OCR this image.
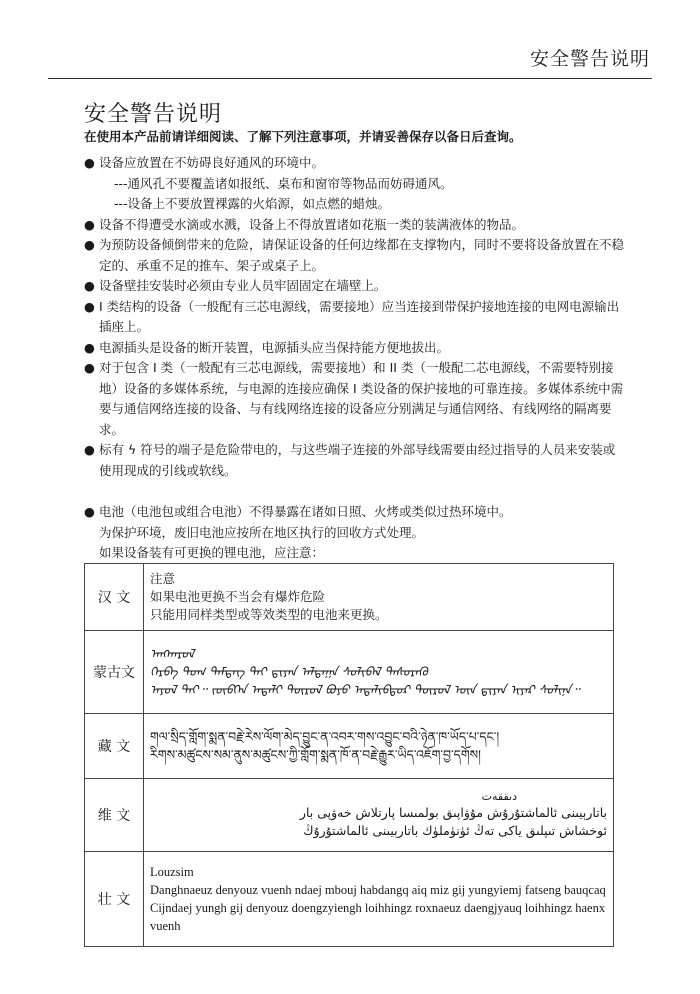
安全警告说明
安全警告说明
在使用本产品前请详细阅读、了解下列注意事项，并请妥善保存以备日后查询。
● 设备应放置在不妨碍良好通风的环境中。
---通风孔不要覆盖诸如报纸、桌布和窗帘等物品而妨碍通风。
---设备上不要放置裸露的火焰源，如点燃的蜡烛。
● 设备不得遭受水滴或水溅，设备上不得放置诸如花瓶一类的装满液体的物品。
● 为预防设备倾倒带来的危险，请保证设备的任何边缘都在支撑物内，同时不要将设备放置在不稳定的、承重不足的推车、架子或桌子上。
● 设备壁挂安装时必须由专业人员牢固固定在墙壁上。
● I 类结构的设备（一般配有三芯电源线，需要接地）应当连接到带保护接地连接的电网电源输出插座上。
● 电源插头是设备的断开装置，电源插头应当保持能方便地拔出。
● 对于包含 I 类（一般配有三芯电源线，需要接地）和 II 类（一般配二芯电源线，不需要特别接地）设备的多媒体系统，与电源的连接应确保 I 类设备的保护接地的可靠连接。多媒体系统中需要与通信网络连接的设备、与有线网络连接的设备应分别满足与通信网络、有线网络的隔离要求。
● 标有 ϟ 符号的端子是危险带电的，与这些端子连接的外部导线需要由经过指导的人员来安装或使用现成的引线或软线。
● 电池（电池包或组合电池）不得暴露在诸如日照、火烤或类似过热环境中。
为保护环境，废旧电池应按所在地区执行的回收方式处理。
如果设备装有可更换的锂电池，应注意：
汉 文	注意
如果电池更换不当会有爆炸危险
只能用同样类型或等效类型的电池来更换。

蒙古文	ᠠᠩᠬᠠᠷᠤᠯ
ᠬᠡᠷᠪᠡ ᠲᠤᠭ ᠲᠡᠮᠳᠡᠭ ᠲᠠᠢ ᠳ᠋ᠢᠶᠠᠨ ᠠᠯᠳᠠᠭᠠ ᠰᠣᠯᠢᠪᠠᠯ ᠲᠡᠰᠦᠷᠡᠬᠦ
ᠠᠶᠤᠯ ᠲᠠᠢ᠃ ᠵᠥᠪᠬᠡᠨ ᠠᠳᠠᠯᠢ ᠲᠦᠷᠦᠯ ᠪᠤᠶᠤ ᠠᠳᠠᠯᠢᠪᠳᠤᠷ ᠲᠦᠷᠦᠯ ᠦᠨ ᠳ᠋ᠢᠶᠠᠨ ᠢᠶᠠᠷ ᠰᠣᠯᠢᠨᠠ᠃

藏 文	གལ་སྲིད་གློག་སྨན་བརྗེ་རེས་ལོག་མེད་བྱུང་ན་འབར་གས་འབྱུང་བའི་ཉེན་ཁ་ཡོད་པ་དང་།
རིགས་མཚུངས་སམ་ནུས་མཚུངས་ཀྱི་གློག་སྨན་ཁོ་ན་བརྗེ་རྒྱུར་ཡིད་འཇོག་བྱ་དགོས།

维 文	دىققەت
باتارېيىنى ئالماشتۇرۇش مۇۋاپىق بولمىسا پارتلاش خەۋپى بار
ئوخشاش تىپلىق ياكى تەڭ ئۈنۈملۈك باتارېيىنى ئالماشتۇرۇڭ

壮 文	Louzsim
Danghnaeuz denyouz vuenh ndaej mbouj habdangq aiq miz gij yungyiemj fatseng bauqcaq
Cijndaej yungh gij denyouz doengzyiengh loihhingz roxnaeuz daengjyauq loihhingz haenx vuenh
